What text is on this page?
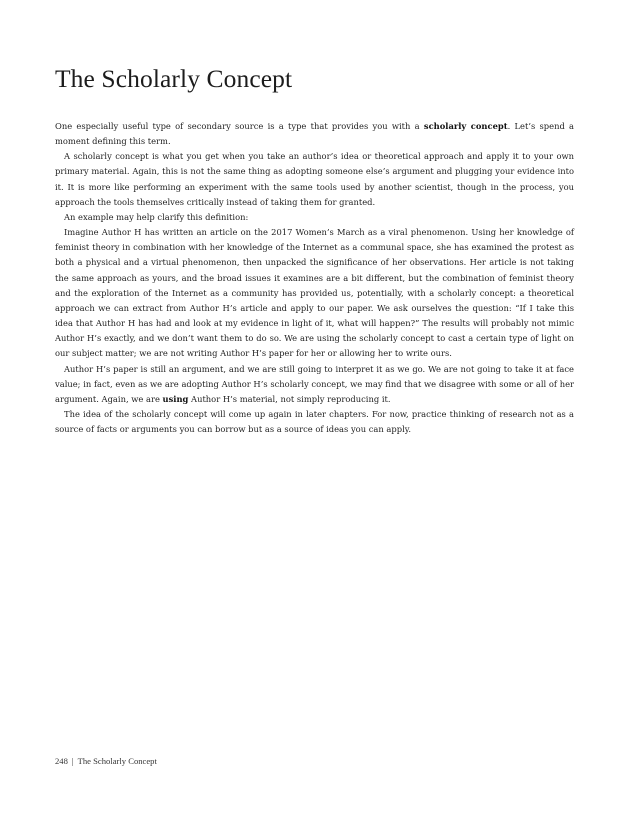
The Scholarly Concept

One especially useful type of secondary source is a type that provides you with a scholarly concept. Let’s spend a moment defining this term.

A scholarly concept is what you get when you take an author’s idea or theoretical approach and apply it to your own primary material. Again, this is not the same thing as adopting someone else’s argument and plugging your evidence into it. It is more like performing an experiment with the same tools used by another scientist, though in the process, you approach the tools themselves critically instead of taking them for granted.

An example may help clarify this definition:

Imagine Author H has written an article on the 2017 Women’s March as a viral phenomenon. Using her knowledge of feminist theory in combination with her knowledge of the Internet as a communal space, she has examined the protest as both a physical and a virtual phenomenon, then unpacked the significance of her observations. Her article is not taking the same approach as yours, and the broad issues it examines are a bit different, but the combination of feminist theory and the exploration of the Internet as a community has provided us, potentially, with a scholarly concept: a theoretical approach we can extract from Author H’s article and apply to our paper. We ask ourselves the question: “If I take this idea that Author H has had and look at my evidence in light of it, what will happen?” The results will probably not mimic Author H’s exactly, and we don’t want them to do so. We are using the scholarly concept to cast a certain type of light on our subject matter; we are not writing Author H’s paper for her or allowing her to write ours.

Author H’s paper is still an argument, and we are still going to interpret it as we go. We are not going to take it at face value; in fact, even as we are adopting Author H’s scholarly concept, we may find that we disagree with some or all of her argument. Again, we are using Author H’s material, not simply reproducing it.

The idea of the scholarly concept will come up again in later chapters. For now, practice thinking of research not as a source of facts or arguments you can borrow but as a source of ideas you can apply.

248 | The Scholarly Concept
